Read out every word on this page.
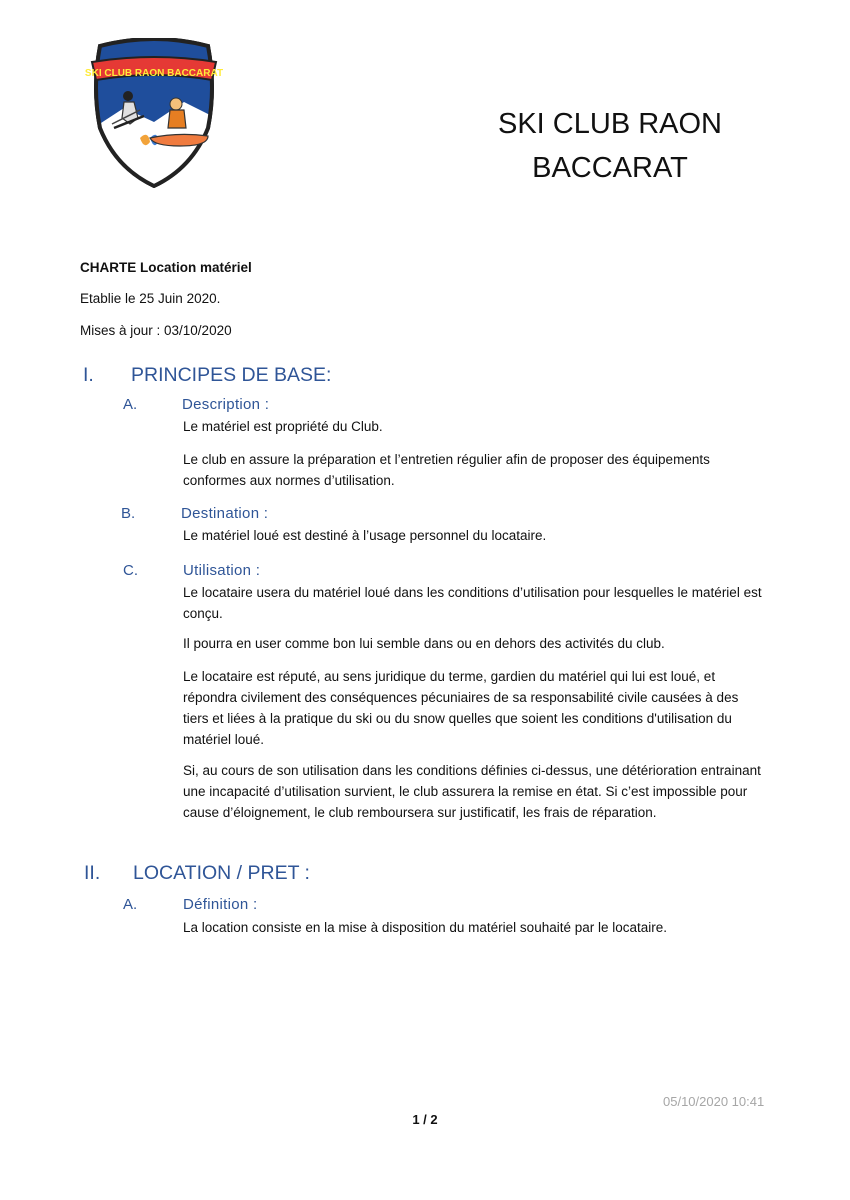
SKI CLUB RAON BACCARAT
SKI CLUB RAON
BACCARAT
CHARTE Location matériel
Etablie le 25 Juin 2020.
Mises à jour : 03/10/2020
I. PRINCIPES DE BASE:
A.	Description :
Le matériel est propriété du Club.
Le club en assure la préparation et l’entretien régulier afin de proposer des équipements conformes aux normes d’utilisation.
B.	Destination :
Le matériel loué est destiné à l’usage personnel du locataire.
C.	Utilisation :
Le locataire usera du matériel loué dans les conditions d’utilisation pour lesquelles le matériel est conçu.
Il pourra en user comme bon lui semble dans ou en dehors des activités du club.
Le locataire est réputé, au sens juridique du terme, gardien du matériel qui lui est loué, et répondra civilement des conséquences pécuniaires de sa responsabilité civile causées à des tiers et liées à la pratique du ski ou du snow quelles que soient les conditions d'utilisation du matériel loué.
Si, au cours de son utilisation dans les conditions définies ci-dessus, une détérioration entrainant une incapacité d’utilisation survient, le club assurera la remise en état. Si c’est impossible pour cause d’éloignement, le club remboursera sur justificatif, les frais de réparation.
II. LOCATION / PRET :
A.	Définition :
La location consiste en la mise à disposition du matériel souhaité par le locataire.
05/10/2020 10:41
1 / 2
